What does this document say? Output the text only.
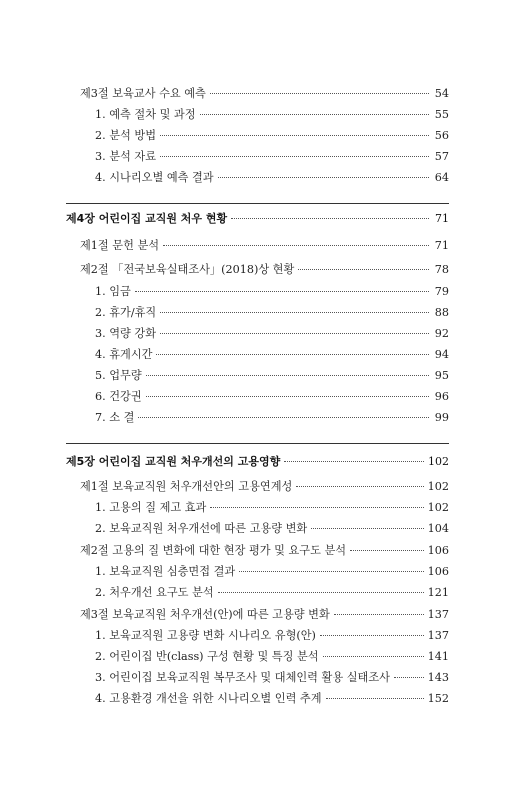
제3절 보육교사 수요 예측	54
1. 예측 절차 및 과정	55
2. 분석 방법	56
3. 분석 자료	57
4. 시나리오별 예측 결과	64
제4장 어린이집 교직원 처우 현황	71
제1절 문헌 분석	71
제2절 「전국보육실태조사」(2018)상 현황	78
1. 임금	79
2. 휴가/휴직	88
3. 역량 강화	92
4. 휴게시간	94
5. 업무량	95
6. 건강권	96
7. 소 결	99
제5장 어린이집 교직원 처우개선의 고용영향	102
제1절 보육교직원 처우개선안의 고용연계성	102
1. 고용의 질 제고 효과	102
2. 보육교직원 처우개선에 따른 고용량 변화	104
제2절 고용의 질 변화에 대한 현장 평가 및 요구도 분석	106
1. 보육교직원 심층면접 결과	106
2. 처우개선 요구도 분석	121
제3절 보육교직원 처우개선(안)에 따른 고용량 변화	137
1. 보육교직원 고용량 변화 시나리오 유형(안)	137
2. 어린이집 반(class) 구성 현황 및 특징 분석	141
3. 어린이집 보육교직원 복무조사 및 대체인력 활용 실태조사	143
4. 고용환경 개선을 위한 시나리오별 인력 추계	152
